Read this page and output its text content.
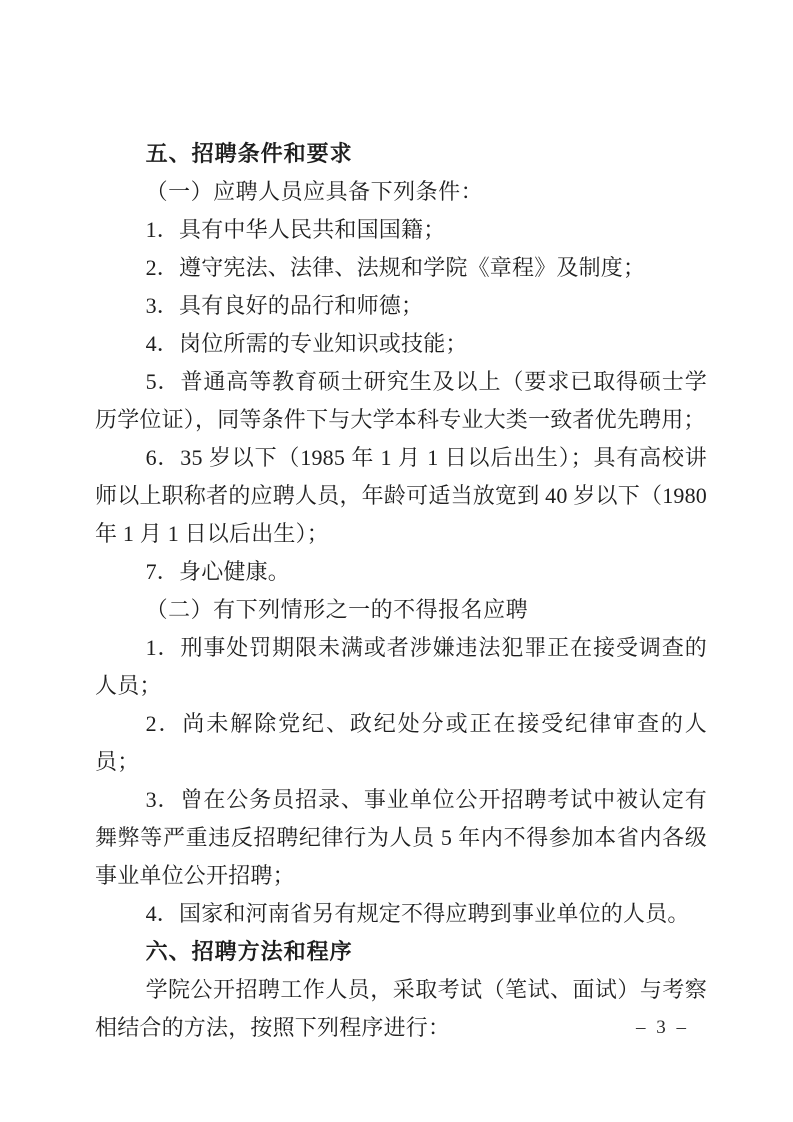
五、招聘条件和要求

（一）应聘人员应具备下列条件：

1．具有中华人民共和国国籍；

2．遵守宪法、法律、法规和学院《章程》及制度；

3．具有良好的品行和师德；

4．岗位所需的专业知识或技能；

5．普通高等教育硕士研究生及以上（要求已取得硕士学历学位证），同等条件下与大学本科专业大类一致者优先聘用；

6．35 岁以下（1985 年 1 月 1 日以后出生）；具有高校讲师以上职称者的应聘人员，年龄可适当放宽到 40 岁以下（1980 年 1 月 1 日以后出生）；

7．身心健康。

（二）有下列情形之一的不得报名应聘

1．刑事处罚期限未满或者涉嫌违法犯罪正在接受调查的人员；

2．尚未解除党纪、政纪处分或正在接受纪律审查的人员；

3．曾在公务员招录、事业单位公开招聘考试中被认定有舞弊等严重违反招聘纪律行为人员 5 年内不得参加本省内各级事业单位公开招聘；

4．国家和河南省另有规定不得应聘到事业单位的人员。

六、招聘方法和程序

学院公开招聘工作人员，采取考试（笔试、面试）与考察相结合的方法，按照下列程序进行：	– 3 –
